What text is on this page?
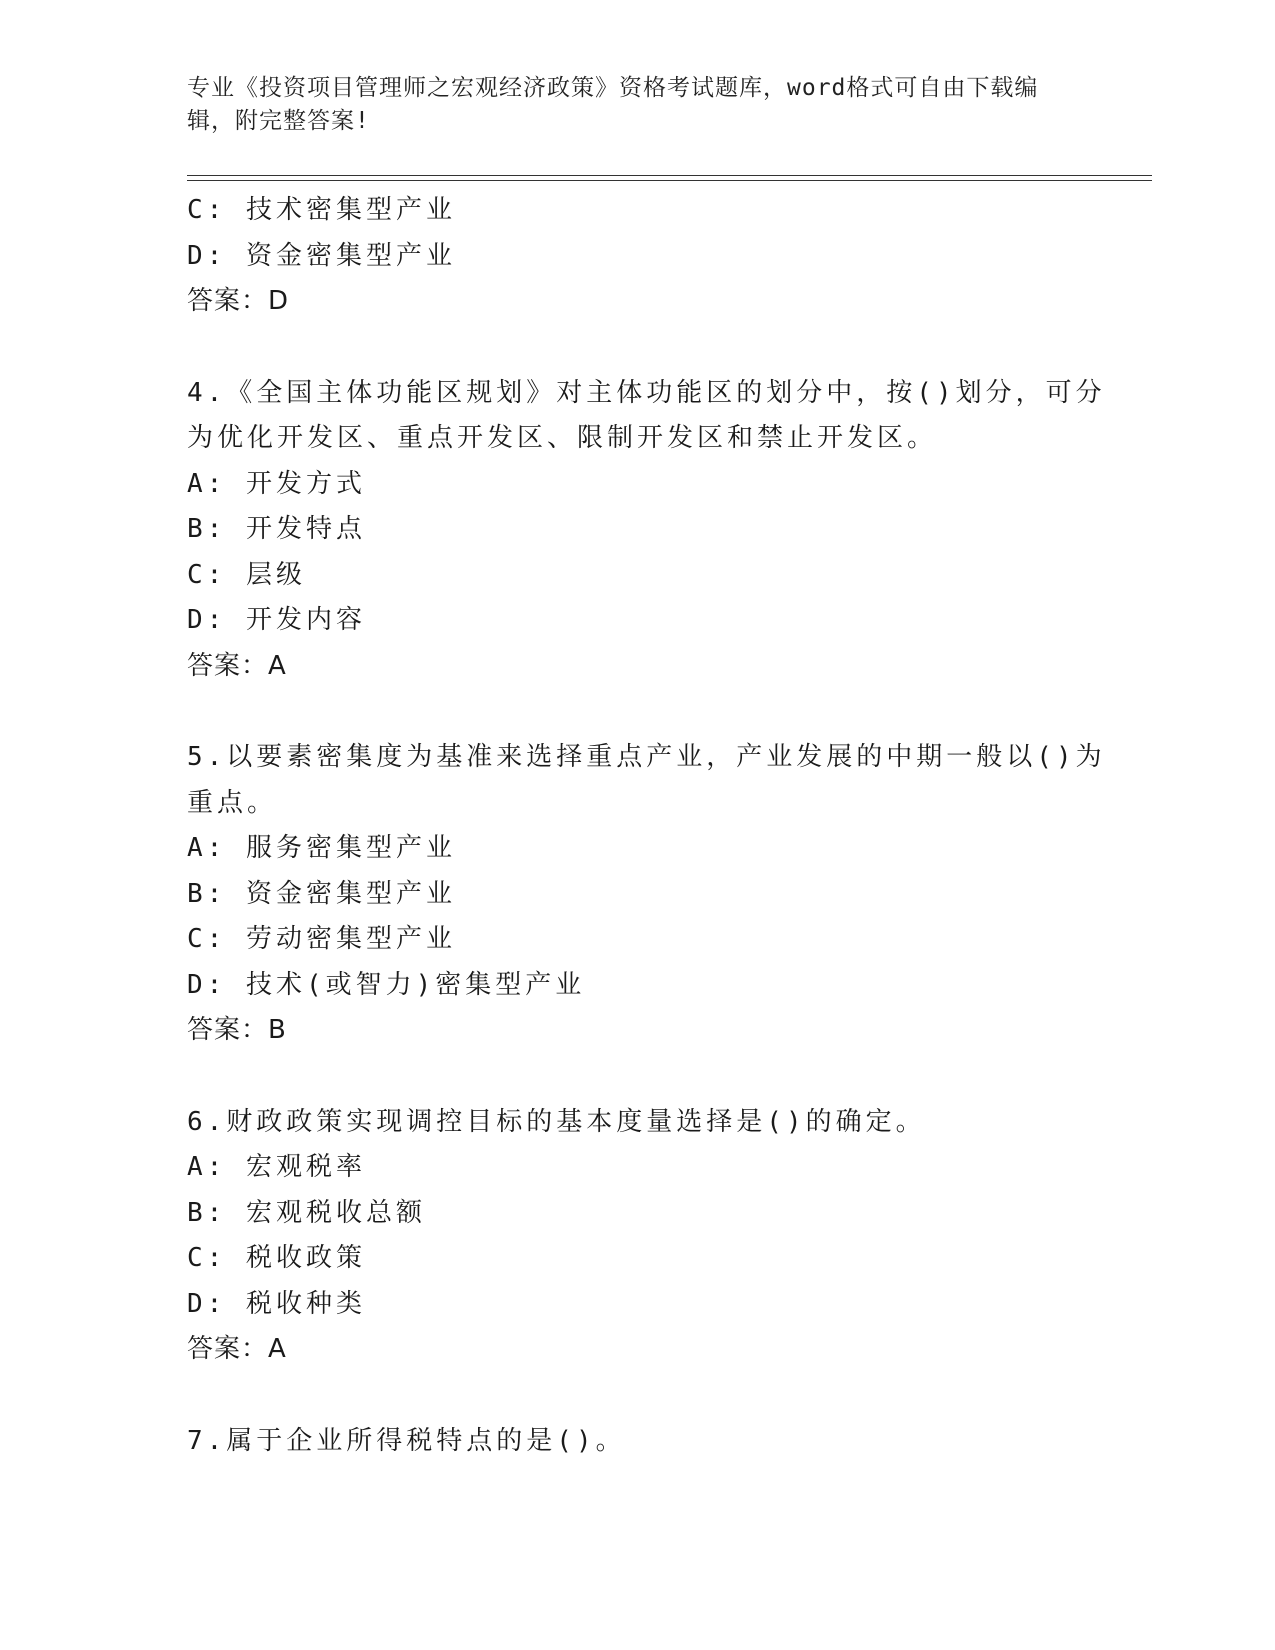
专业《投资项目管理师之宏观经济政策》资格考试题库，word格式可自由下载编
辑，附完整答案!
C: 技术密集型产业
D: 资金密集型产业
答案：D
4.《全国主体功能区规划》对主体功能区的划分中，按()划分，可分
为优化开发区、重点开发区、限制开发区和禁止开发区。
A: 开发方式
B: 开发特点
C: 层级
D: 开发内容
答案：A
5.以要素密集度为基准来选择重点产业，产业发展的中期一般以()为
重点。
A: 服务密集型产业
B: 资金密集型产业
C: 劳动密集型产业
D: 技术(或智力)密集型产业
答案：B
6.财政政策实现调控目标的基本度量选择是()的确定。
A: 宏观税率
B: 宏观税收总额
C: 税收政策
D: 税收种类
答案：A
7.属于企业所得税特点的是()。
